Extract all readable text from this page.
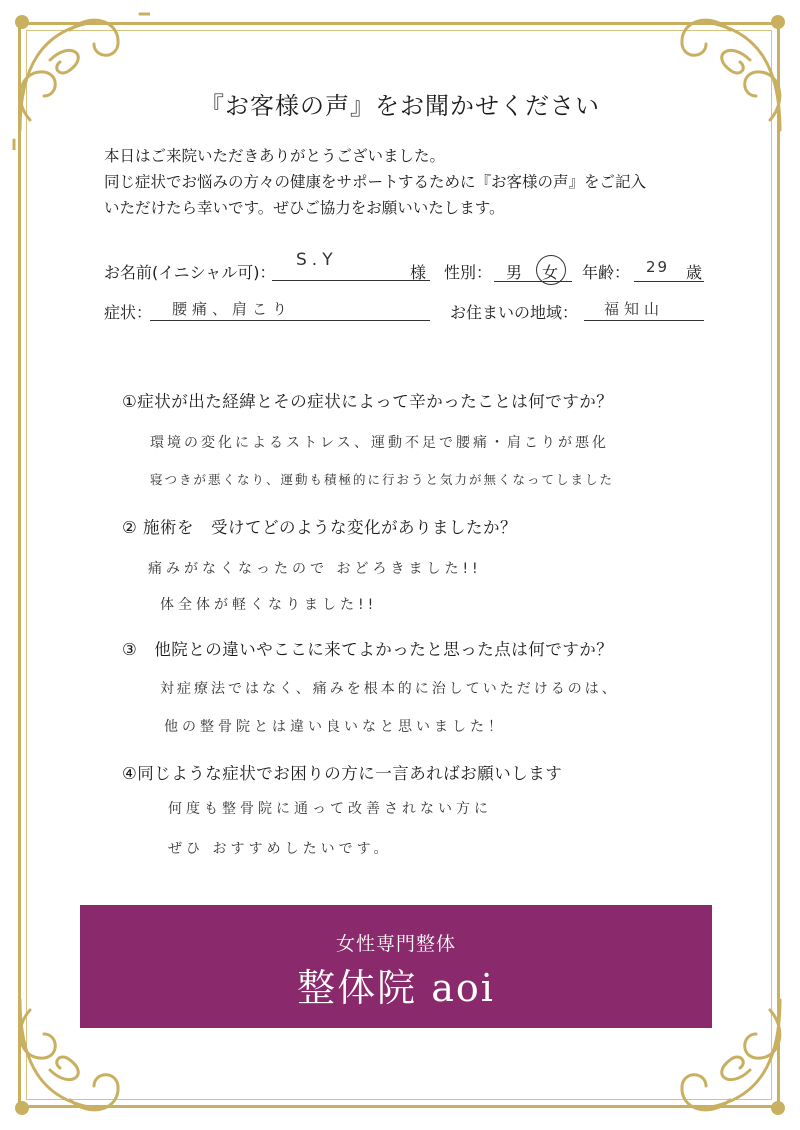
『お客様の声』をお聞かせください
本日はご来院いただきありがとうございました。
同じ症状でお悩みの方々の健康をサポートするために『お客様の声』をご記入
いただけたら幸いです。ぜひご協力をお願いいたします。
お名前(イニシャル可)：
S.Y
様 性別： 男 女 年齢： 29 歳
症状： 腰痛、肩こり	お住まいの地域： 福知山
①症状が出た経緯とその症状によって辛かったことは何ですか？
環境の変化によるストレス、運動不足で腰痛・肩こりが悪化
寝つきが悪くなり、運動も積極的に行おうと気力が無くなってしました
② 施術を　受けてどのような変化がありましたか？
痛みがなくなったので おどろきました!!
体全体が軽くなりました!!
③　他院との違いやここに来てよかったと思った点は何ですか？
対症療法ではなく、痛みを根本的に治していただけるのは、
他の整骨院とは違い良いなと思いました！
④同じような症状でお困りの方に一言あればお願いします
何度も整骨院に通って改善されない方に
ぜひ おすすめしたいです。
女性専門整体
整体院 aoi
